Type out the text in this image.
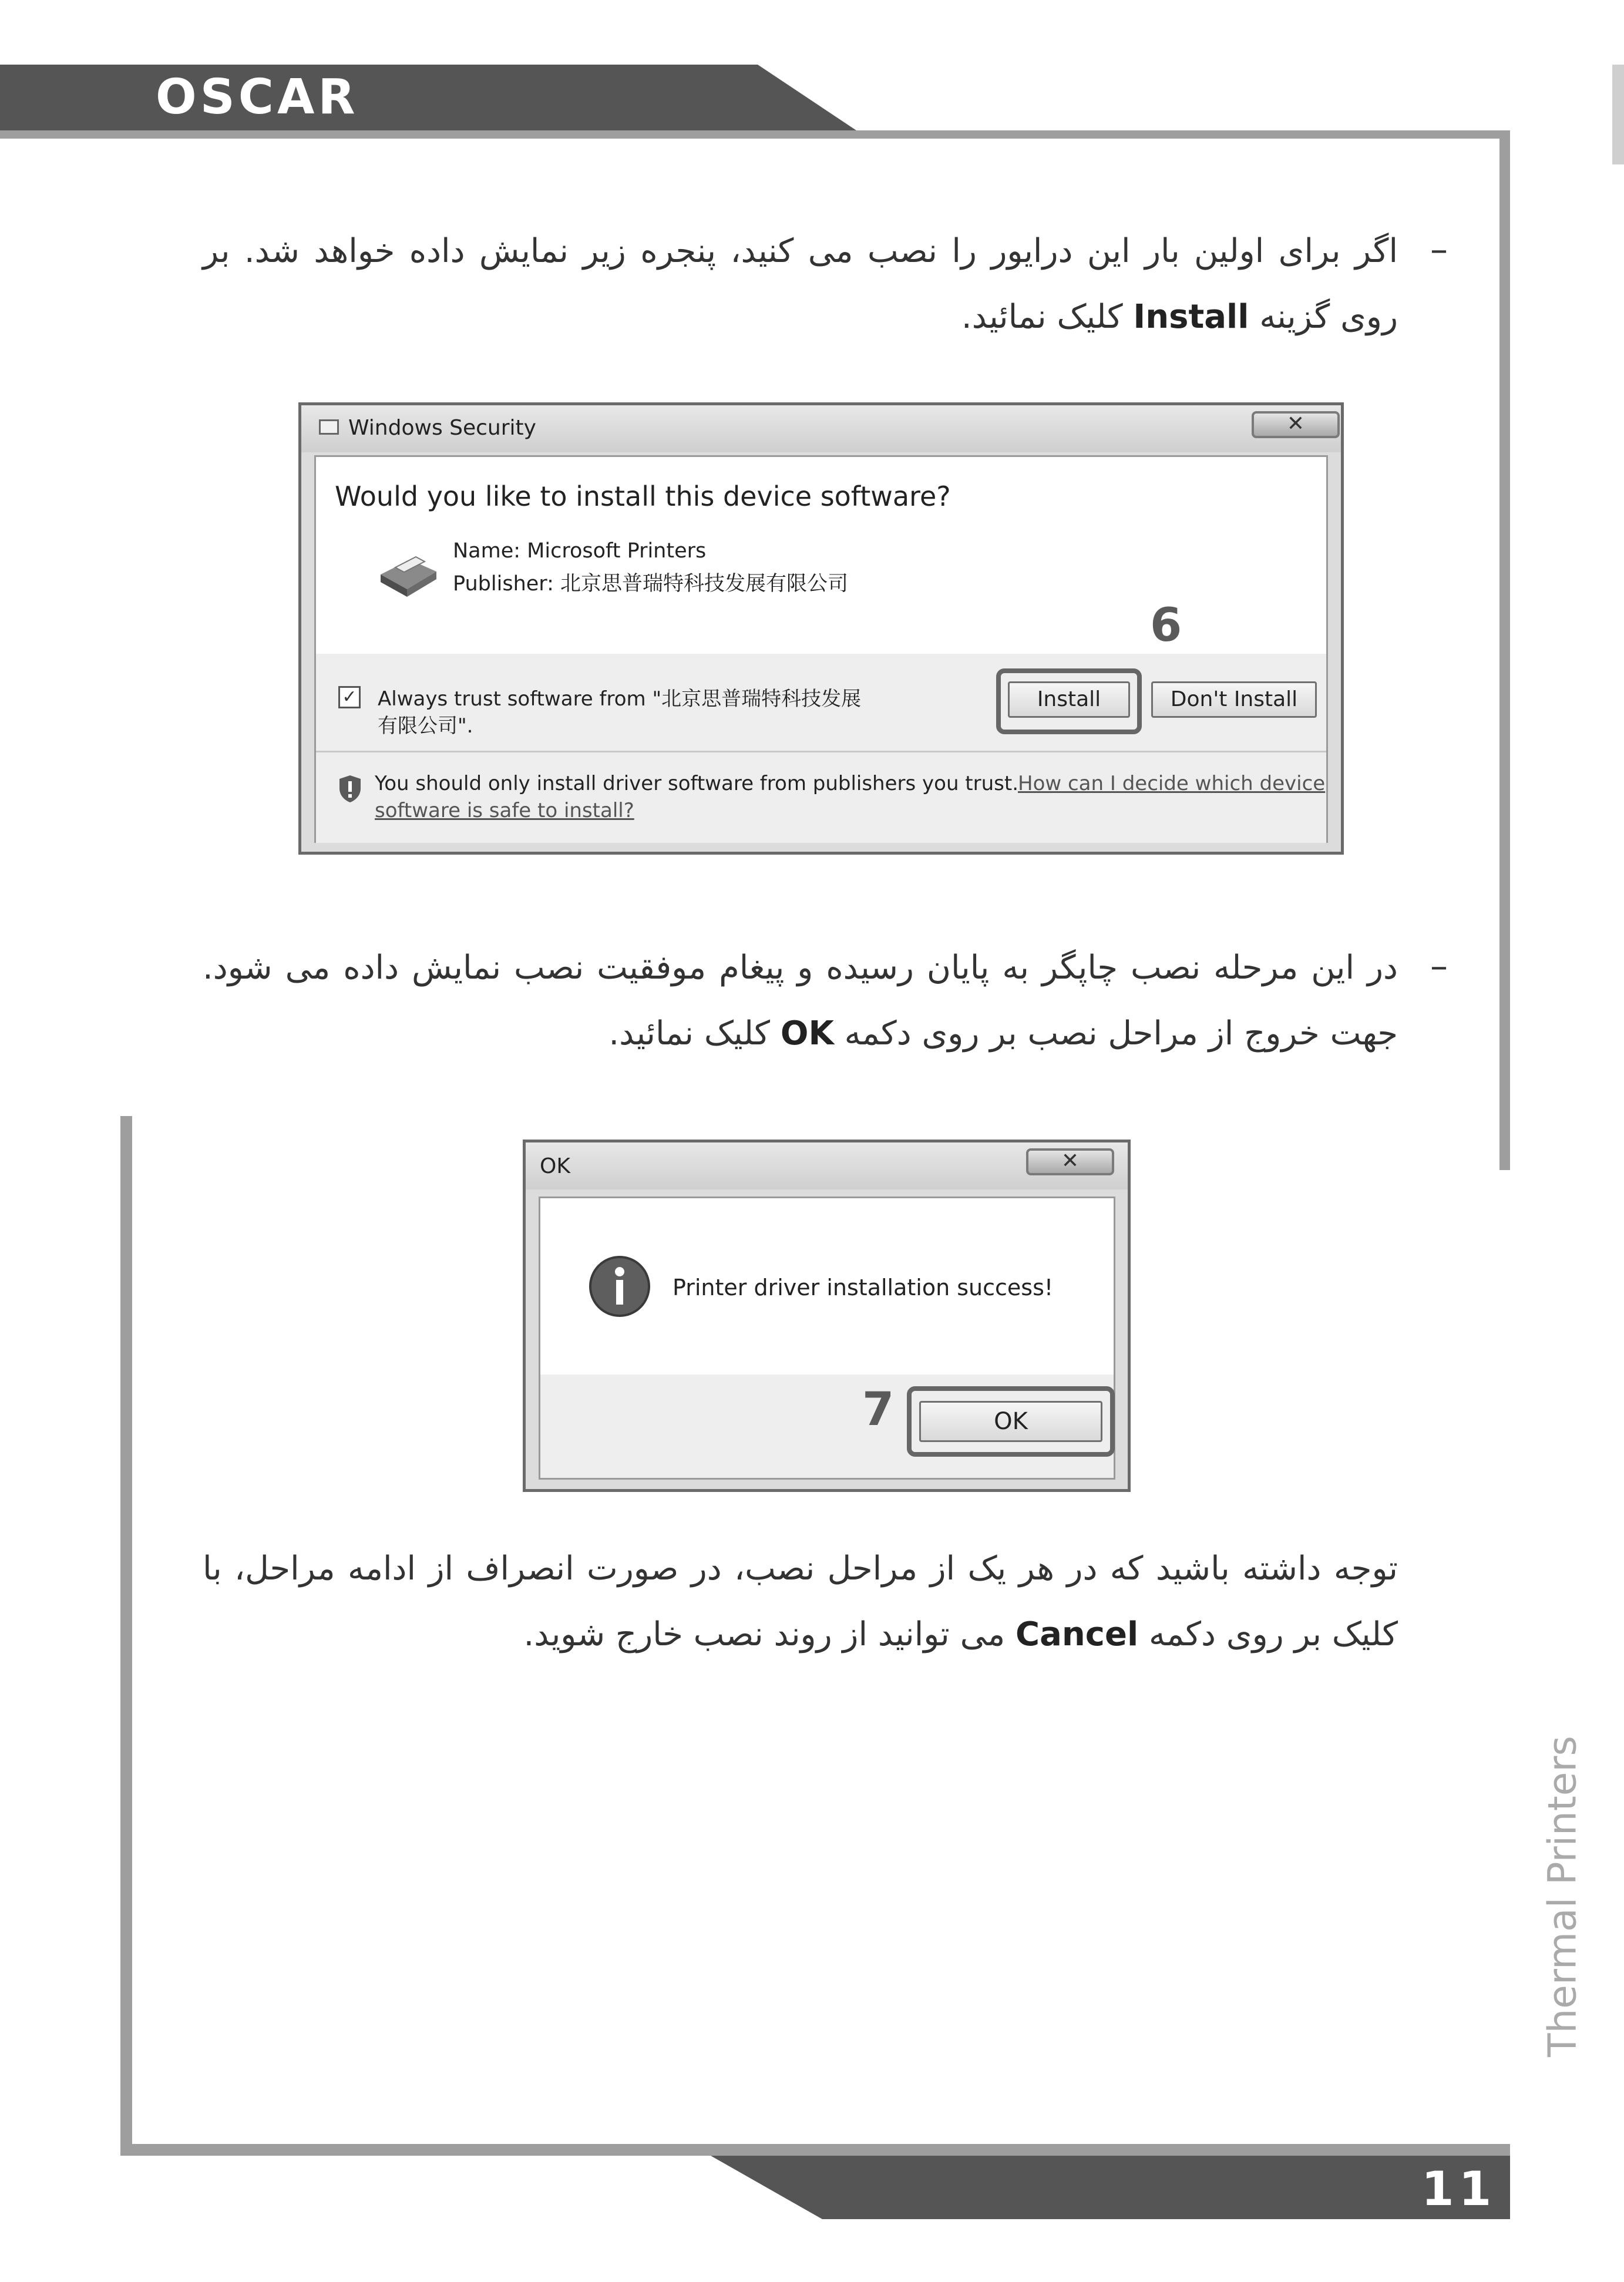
OSCAR
–
اگر برای اولین بار این درایور را نصب می کنید، پنجره زیر نمایش داده خواهد شد. بر روی گزینه Install کلیک نمائید.
Windows Security	✕
Would you like to install this device software?
Name: Microsoft Printers
Publisher: 北京思普瑞特科技发展有限公司
6
✓ Always trust software from "北京思普瑞特科技发展
有限公司".
Install	Don't Install
You should only install driver software from publishers you trust.
How can I decide which device
software is safe to install?
–
در این مرحله نصب چاپگر به پایان رسیده و پیغام موفقیت نصب نمایش داده می شود. جهت خروج از مراحل نصب بر روی دکمه OK کلیک نمائید.
OK	✕
Printer driver installation success!
7	OK
توجه داشته باشید که در هر یک از مراحل نصب، در صورت انصراف از ادامه مراحل، با کلیک بر روی دکمه Cancel می توانید از روند نصب خارج شوید.
Thermal Printers
11
